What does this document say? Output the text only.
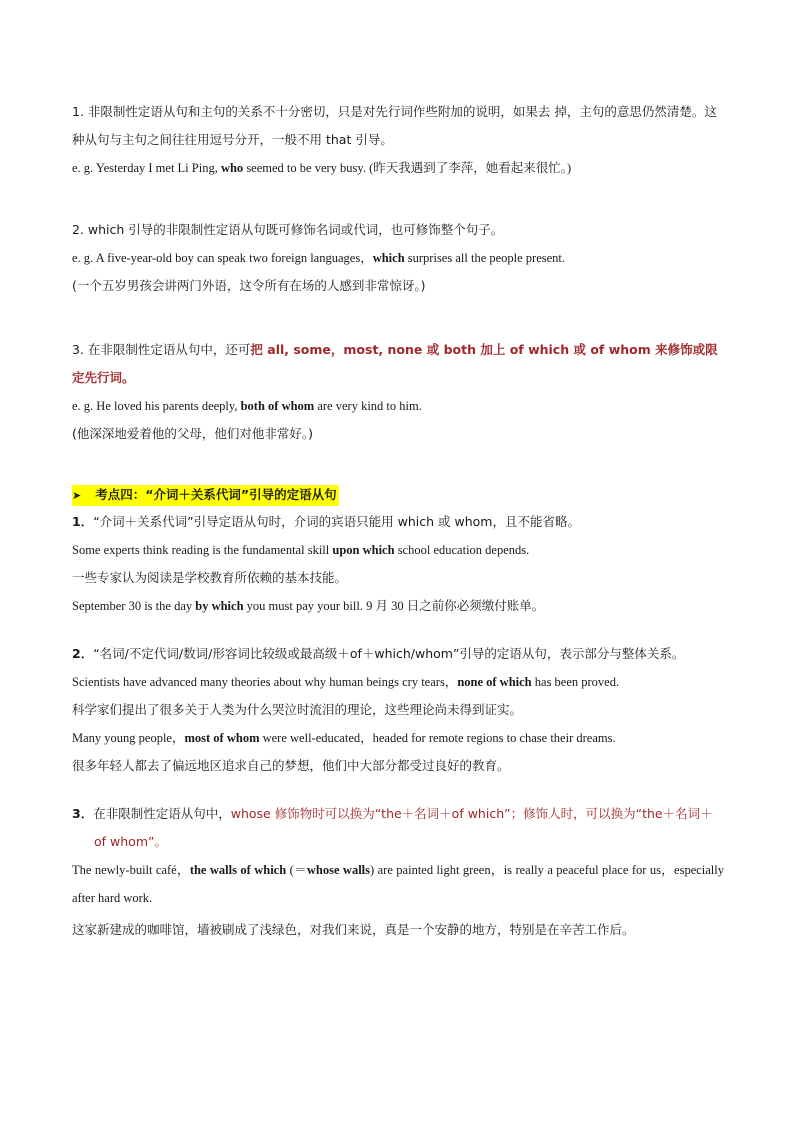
1. 非限制性定语从句和主句的关系不十分密切，只是对先行词作些附加的说明，如果去 掉，主句的意思仍然清楚。这种从句与主句之间往往用逗号分开，一般不用 that 引导。

e. g. Yesterday I met Li Ping, who seemed to be very busy. (昨天我遇到了李萍，她看起来很忙。)

2. which 引导的非限制性定语从句既可修饰名词或代词，也可修饰整个句子。

e. g. A five-year-old boy can speak two foreign languages，which surprises all the people present.

(一个五岁男孩会讲两门外语，这令所有在场的人感到非常惊讶。)

3. 在非限制性定语从句中，还可把 all, some，most, none 或 both 加上 of which 或 of whom 来修饰或限定先行词。

e. g. He loved his parents deeply, both of whom are very kind to him.

(他深深地爱着他的父母，他们对他非常好。)

➤ 考点四：“介词＋关系代词”引导的定语从句

1．“介词＋关系代词”引导定语从句时，介词的宾语只能用 which 或 whom，且不能省略。

Some experts think reading is the fundamental skill upon which school education depends.

一些专家认为阅读是学校教育所依赖的基本技能。

September 30 is the day by which you must pay your bill. 9 月 30 日之前你必须缴付账单。

2．“名词/不定代词/数词/形容词比较级或最高级＋of＋which/whom”引导的定语从句，表示部分与整体关系。

Scientists have advanced many theories about why human beings cry tears，none of which has been proved.

科学家们提出了很多关于人类为什么哭泣时流泪的理论，这些理论尚未得到证实。

Many young people，most of whom were well-educated，headed for remote regions to chase their dreams.

很多年轻人都去了偏远地区追求自己的梦想，他们中大部分都受过良好的教育。

3．在非限制性定语从句中，whose 修饰物时可以换为“the＋名词＋of which”；修饰人时，可以换为“the＋名词＋of whom”。

The newly-built café，the walls of which (＝whose walls) are painted light green，is really a peaceful place for us，especially after hard work.

这家新建成的咖啡馆，墙被刷成了浅绿色，对我们来说，真是一个安静的地方，特别是在辛苦工作后。
